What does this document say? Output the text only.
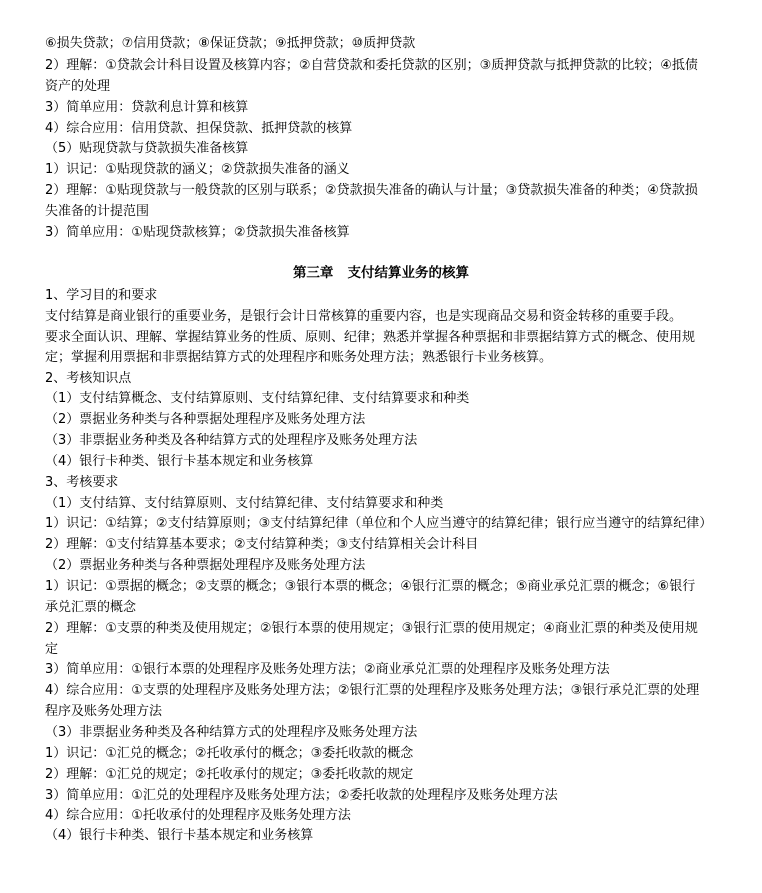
⑥损失贷款；⑦信用贷款；⑧保证贷款；⑨抵押贷款；⑩质押贷款
2）理解：①贷款会计科目设置及核算内容；②自营贷款和委托贷款的区别；③质押贷款与抵押贷款的比较；④抵债
资产的处理
3）简单应用：贷款利息计算和核算
4）综合应用：信用贷款、担保贷款、抵押贷款的核算
（5）贴现贷款与贷款损失准备核算
1）识记：①贴现贷款的涵义；②贷款损失准备的涵义
2）理解：①贴现贷款与一般贷款的区别与联系；②贷款损失准备的确认与计量；③贷款损失准备的种类；④贷款损
失准备的计提范围
3）简单应用：①贴现贷款核算；②贷款损失准备核算
第三章   支付结算业务的核算
1、学习目的和要求
支付结算是商业银行的重要业务，是银行会计日常核算的重要内容，也是实现商品交易和资金转移的重要手段。
要求全面认识、理解、掌握结算业务的性质、原则、纪律；熟悉并掌握各种票据和非票据结算方式的概念、使用规
定；掌握利用票据和非票据结算方式的处理程序和账务处理方法；熟悉银行卡业务核算。
2、考核知识点
（1）支付结算概念、支付结算原则、支付结算纪律、支付结算要求和种类
（2）票据业务种类与各种票据处理程序及账务处理方法
（3）非票据业务种类及各种结算方式的处理程序及账务处理方法
（4）银行卡种类、银行卡基本规定和业务核算
3、考核要求
（1）支付结算、支付结算原则、支付结算纪律、支付结算要求和种类
1）识记：①结算；②支付结算原则；③支付结算纪律（单位和个人应当遵守的结算纪律；银行应当遵守的结算纪律）
2）理解：①支付结算基本要求；②支付结算种类；③支付结算相关会计科目
（2）票据业务种类与各种票据处理程序及账务处理方法
1）识记：①票据的概念；②支票的概念；③银行本票的概念；④银行汇票的概念；⑤商业承兑汇票的概念；⑥银行
承兑汇票的概念
2）理解：①支票的种类及使用规定；②银行本票的使用规定；③银行汇票的使用规定；④商业汇票的种类及使用规
定
3）简单应用：①银行本票的处理程序及账务处理方法；②商业承兑汇票的处理程序及账务处理方法
4）综合应用：①支票的处理程序及账务处理方法；②银行汇票的处理程序及账务处理方法；③银行承兑汇票的处理
程序及账务处理方法
（3）非票据业务种类及各种结算方式的处理程序及账务处理方法
1）识记：①汇兑的概念；②托收承付的概念；③委托收款的概念
2）理解：①汇兑的规定；②托收承付的规定；③委托收款的规定
3）简单应用：①汇兑的处理程序及账务处理方法；②委托收款的处理程序及账务处理方法
4）综合应用：①托收承付的处理程序及账务处理方法
（4）银行卡种类、银行卡基本规定和业务核算
